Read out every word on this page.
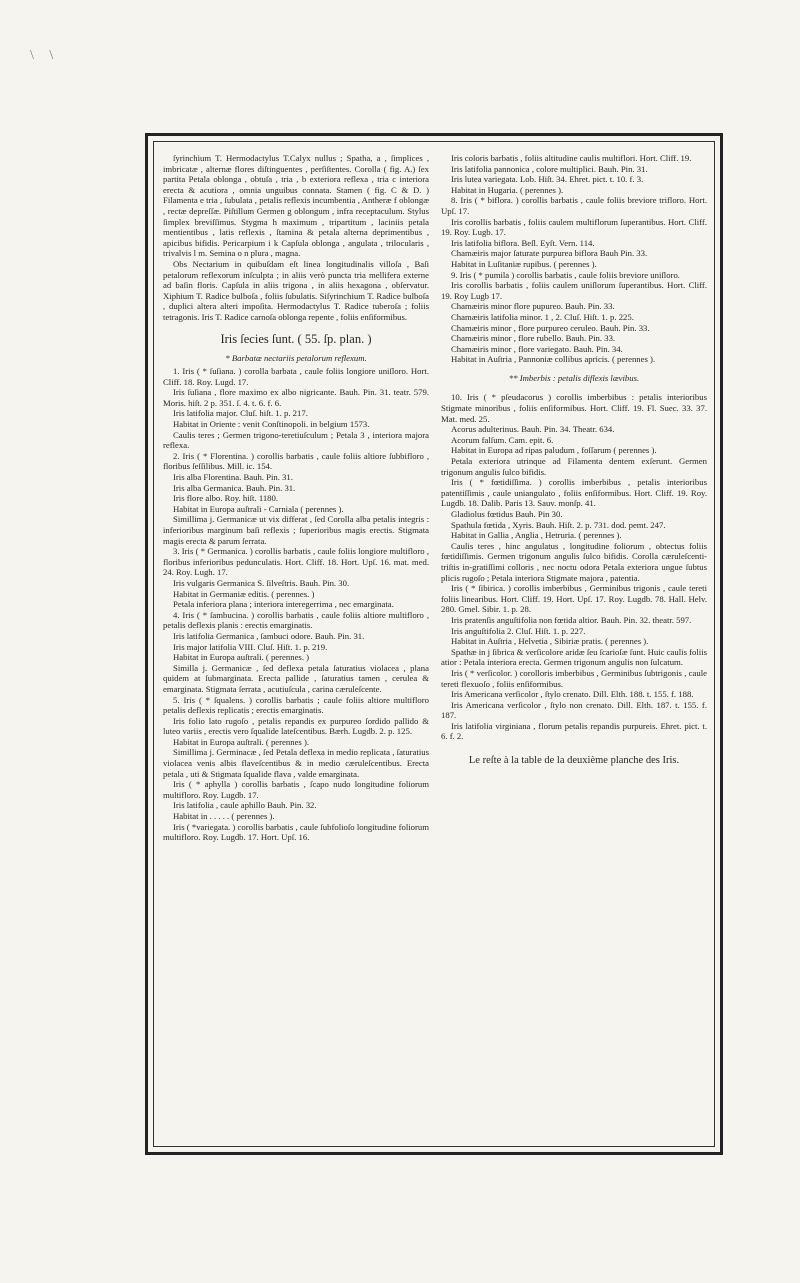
\ \

ſyrinchium T. Hermodactylus T.Calyx nullus ; Spatha, a , ſimplices , imbricatæ , alternæ flores diſtinguentes , perſiſtentes. Corolla ( fig. A.) ſex partita Petala oblonga , obtuſa , tria , b exteriora reflexa , tria c interiora erecta & acutiora , omnia unguibus connata. Stamen ( fig. C & D. ) Filamenta e tria , ſubulata , petalis reflexis incumbentia , Antheræ f oblongæ , rectæ depreſſæ. Piſtillum Germen g oblongum , infra receptaculum. Stylus ſimplex breviſſimus. Stygma h maximum , tripartitum , laciniis petala mentientibus , latis reflexis , ſtamina & petala alterna deprimentibus , apicibus bifidis. Pericarpium i k Capſula oblonga , angulata , trilocularis , trivalvis l m. Semina o n plura , magna.

Obs Nectarium in quibuſdam eſt linea longitudinalis villoſa , Baſi petalorum reflexorum inſculpta ; in aliis verò puncta tria mellifera externe ad baſin floris. Capſula in aliis trigona , in aliis hexagona , obſervatur. Xiphium T. Radice bulboſa , foliis ſubulatis. Siſyrinchium T. Radice bulboſa , duplici altera alteri impoſita. Hermodactylus T. Radice tuberoſa ; foliis tetragonis. Iris T. Radice carnoſa oblonga repente , foliis enſiformibus.

Iris ſecies ſunt. ( 55. ſp. plan. )
* Barbatæ nectariis petalorum reflexum.

1. Iris ( * ſuſiana. ) corolla barbata , caule foliis longiore uniſloro. Hort. Cliff. 18. Roy. Lugd. 17.

Iris ſuſiana , flore maximo ex albo nigricante. Bauh. Pin. 31. teatr. 579. Moris. hiſt. 2 p. 351. ſ. 4. t. 6. f. 6.

Iris latifolia major. Cluſ. hiſt. 1. p. 217.

Habitat in Oriente : venit Conſtinopoli. in belgium 1573.

Caulis teres ; Germen trigono-teretiuſculum ; Petala 3 , interiora majora reflexa.

2. Iris ( * Florentina. ) corollis barbatis , caule foliis altiore ſubbifloro , floribus ſeſſilibus. Mill. ic. 154.

Iris alba Florentina. Bauh. Pin. 31.

Iris alba Germanica. Bauh. Pin. 31.

Iris flore albo. Roy. hiſt. 1180.

Habitat in Europa auſtrali - Carniala ( perennes ).

Simillima j. Germanicæ ut vix differat , ſed Corolla alba petalis integris : inferioribus marginum baſi reflexis ; ſuperioribus magis erectis. Stigmata magis erecta & parum ſerrata.

3. Iris ( * Germanica. ) corollis barbatis , caule foliis longiore multifloro , floribus inferioribus pedunculatis. Hort. Cliff. 18. Hort. Upſ. 16. mat. med. 24. Roy. Lugh. 17.

Iris vulgaris Germanica S. ſilveſtris. Bauh. Pin. 30.

Habitat in Germaniæ editis. ( perennes. )

Petala inferiora plana ; interiora interegerrima , nec emarginata.

4. Iris ( * ſambucina. ) corollis barbatis , caule foliis altiore multifloro , petalis deflexis planis : erectis emarginatis.

Iris latifolia Germanica , ſambuci odore. Bauh. Pin. 31.

Iris major latifolia VIII. Cluſ. Hiſt. 1. p. 219.

Habitat in Europa auſtrali. ( perennes. )

Similla j. Germanicæ , ſed deflexa petala ſaturatius violacea , plana quidem at ſubmarginata. Erecta pallide , ſaturatius tamen , cerulea & emarginata. Stigmata ſerrata , acutiuſcula , carina cæruleſcente.

5. Iris ( * ſqualens. ) corollis barbatis ; caule foliis altiore multifloro petalis deflexis replicatis ; erectis emarginatis.

Iris folio lato rugoſo , petalis repandis ex purpureo ſordido pallido & luteo variis , erectis vero ſqualide lateſcentibus. Bærh. Lugdb. 2. p. 125.

Habitat in Europa auſtrali. ( perennes ).

Simillima j. Germinacæ , ſed Petala deflexa in medio replicata , ſaturatius violacea venis albis flaveſcentibus & in medio cæruleſcentibus. Erecta petala , uti & Stigmata ſqualide flava , valde emarginata.

Iris ( * aphylla ) corollis barbatis , ſcapo nudo longitudine foliorum multifloro. Roy. Lugdb. 17.

Iris latifolia , caule aphillo Bauh. Pin. 32.

Habitat in . . . . . ( perennes ).

Iris ( *variegata. ) corollis barbatis , caule ſubfolioſo longitudine foliorum multifloro. Roy. Lugdb. 17. Hort. Upſ. 16.

Iris coloris barbatis , foliis altitudine caulis multiflori. Hort. Cliff. 19.

Iris latifolia pannonica , colore multiplici. Bauh. Pin. 31.

Iris lutea variegata. Lob. Hiſt. 34. Ehret. pict. t. 10. f. 3.

Habitat in Hugaria. ( perennes ).

8. Iris ( * biflora. ) corollis barbatis , caule foliis breviore trifloro. Hort. Upſ. 17.

Iris corollis barbatis , foliis caulem multiflorum ſuperantibus. Hort. Cliff. 19. Roy. Lugb. 17.

Iris latifolia biflora. Beſl. Eyſt. Vern. 114.

Chamæiris major ſaturate purpurea biflora Bauh Pin. 33.

Habitat in Luſitaniæ rupibus. ( perennes ).

9. Iris ( * pumila ) corollis barbatis , caule foliis breviore uniſloro.

Iris corollis barbatis , foliis caulem uniſlorum ſuperantibus. Hort. Cliff. 19. Roy Lugb 17.

Chamæiris minor flore pupureo. Bauh. Pin. 33.

Chamæiris latifolia minor. 1 , 2. Cluſ. Hiſt. 1. p. 225.

Chamæiris minor , flore purpureo ceruleo. Bauh. Pin. 33.

Chamæiris minor , flore rubello. Bauh. Pin. 33.

Chamæiris minor , flore variegato. Bauh. Pin. 34.

Habitat in Auſtria , Pannoniæ collibus apricis. ( perennes ).

** Imberbis : petalis diflexis lævibus.

10. Iris ( * pſeudacorus ) corollis imberbibus : petalis interioribus Stigmate minoribus , foliis enſiformibus. Hort. Cliff. 19. Fl. Suec. 33. 37. Mat. med. 25.

Acorus adulterinus. Bauh. Pin. 34. Theatr. 634.

Acorum falſum. Cam. epit. 6.

Habitat in Europa ad ripas paludum , foſſarum ( perennes ).

Petala exteriora utrinque ad Filamenta dentem exſerunt. Germen trigonum angulis ſulco bifidis.

Iris ( * fœtidiſſima. ) corollis imberbibus , petalis interioribus patentiſſimis , caule uniangulato , foliis enſiformibus. Hort. Cliff. 19. Roy. Lugdb. 18. Dalib. Paris 13. Sauv. monſp. 41.

Gladiolus fœtidus Bauh. Pin 30.

Spathula fœtida , Xyris. Bauh. Hiſt. 2. p. 731. dod. pemt. 247.

Habitat in Gallia , Anglia , Hetruria. ( perennes ).

Caulis teres , hinc angulatus , longitudine foliorum , obtectus foliis fœtidiſſimis. Germen trigonum angulis ſulco bifidis. Corolla cæruleſcenti-triſtis in-gratiſſimi colloris , nec noctu odora Petala exteriora ungue ſubtus plicis rugoſo ; Petala interiora Stigmate majora , patentia.

Iris ( * ſibirica. ) corollis imberbibus , Germinibus trigonis , caule tereti foliis linearibus. Hort. Cliff. 19. Hort. Upſ. 17. Roy. Lugdb. 78. Hall. Helv. 280. Gmel. Sibir. 1. p. 28.

Iris pratenſis anguſtifolia non fœtida altior. Bauh. Pin. 32. theatr. 597.

Iris anguſtifolia 2. Cluſ. Hiſt. 1. p. 227.

Habitat in Auſtria , Helvetia , Sibiriæ pratis. ( perennes ).

Spathæ in j ſibrica & verſicolore aridæ ſeu ſcarioſæ ſunt. Huic caulis foliis atior : Petala interiora erecta. Germen trigonum angulis non ſulcatum.

Iris ( * verſicolor. ) corolloris imberbibus , Germinibus ſubtrigonis , caule tereti flexuoſo , foliis enſiformibus.

Iris Americana verſicolor , ſtylo crenato. Dill. Elth. 188. t. 155. f. 188.

Iris Americana verſicolor , ſtylo non crenato. Dill. Elth. 187. t. 155. f. 187.

Iris latifolia virginiana , florum petalis repandis purpureis. Ehret. pict. t. 6. f. 2.

Le reſte à la table de la deuxième planche des Iris.
